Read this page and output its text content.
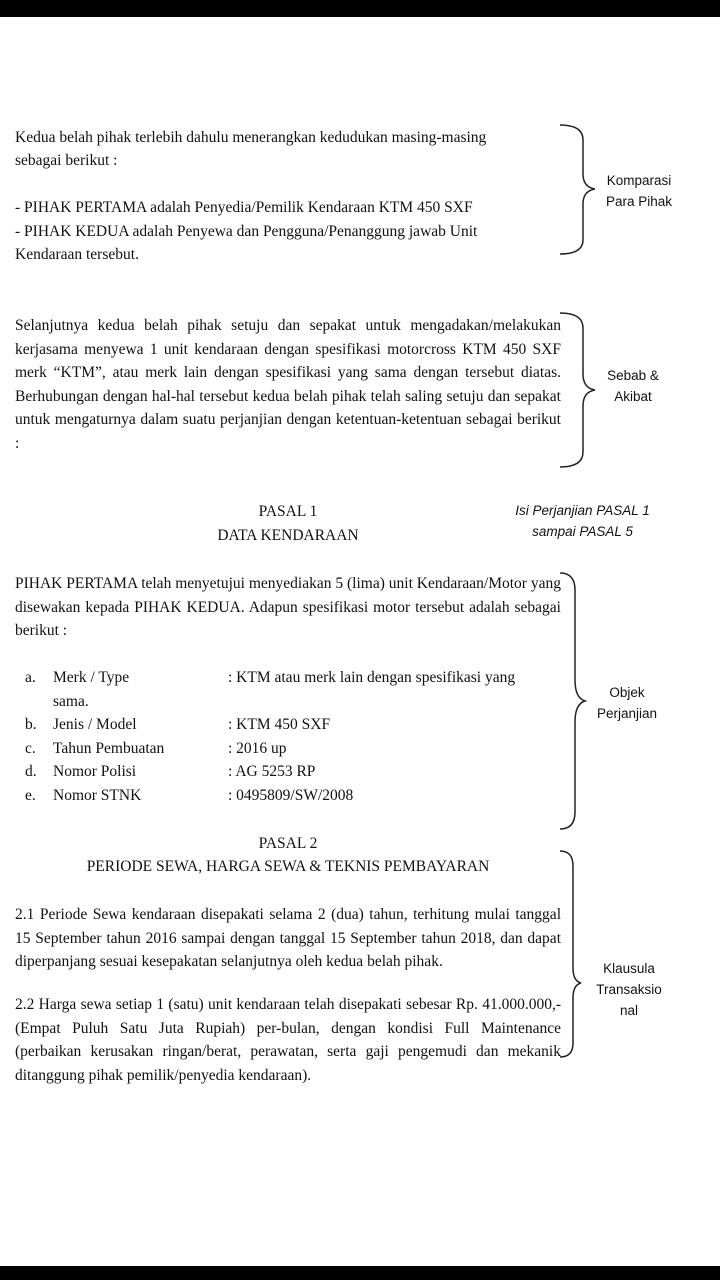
Kedua belah pihak terlebih dahulu menerangkan kedudukan masing-masing
sebagai berikut :
- PIHAK PERTAMA adalah Penyedia/Pemilik Kendaraan KTM 450 SXF
- PIHAK KEDUA adalah Penyewa dan Pengguna/Penanggung jawab Unit
Kendaraan tersebut.
Komparasi
Para Pihak
Selanjutnya kedua belah pihak setuju dan sepakat untuk mengadakan/melakukan kerjasama menyewa 1 unit kendaraan dengan spesifikasi motorcross KTM 450 SXF merk “KTM”, atau merk lain dengan spesifikasi yang sama dengan tersebut diatas. Berhubungan dengan hal-hal tersebut kedua belah pihak telah saling setuju dan sepakat untuk mengaturnya dalam suatu perjanjian dengan ketentuan-ketentuan sebagai berikut :
Sebab &
Akibat
PASAL 1
DATA KENDARAAN
Isi Perjanjian PASAL 1
sampai PASAL 5
PIHAK PERTAMA telah menyetujui menyediakan 5 (lima) unit Kendaraan/Motor yang disewakan kepada PIHAK KEDUA. Adapun spesifikasi motor tersebut adalah sebagai berikut :
a. Merk / Type	: KTM atau merk lain dengan spesifikasi yang
sama.
b. Jenis / Model	: KTM 450 SXF
c. Tahun Pembuatan	: 2016 up
d. Nomor Polisi	: AG 5253 RP
e. Nomor STNK	: 0495809/SW/2008
Objek
Perjanjian
PASAL 2
PERIODE SEWA, HARGA SEWA & TEKNIS PEMBAYARAN
2.1 Periode Sewa kendaraan disepakati selama 2 (dua) tahun, terhitung mulai tanggal 15 September tahun 2016 sampai dengan tanggal 15 September tahun 2018, dan dapat diperpanjang sesuai kesepakatan selanjutnya oleh kedua belah pihak.
2.2 Harga sewa setiap 1 (satu) unit kendaraan telah disepakati sebesar Rp. 41.000.000,- (Empat Puluh Satu Juta Rupiah) per-bulan, dengan kondisi Full Maintenance (perbaikan kerusakan ringan/berat, perawatan, serta gaji pengemudi dan mekanik ditanggung pihak pemilik/penyedia kendaraan).
Klausula
Transaksio
nal
